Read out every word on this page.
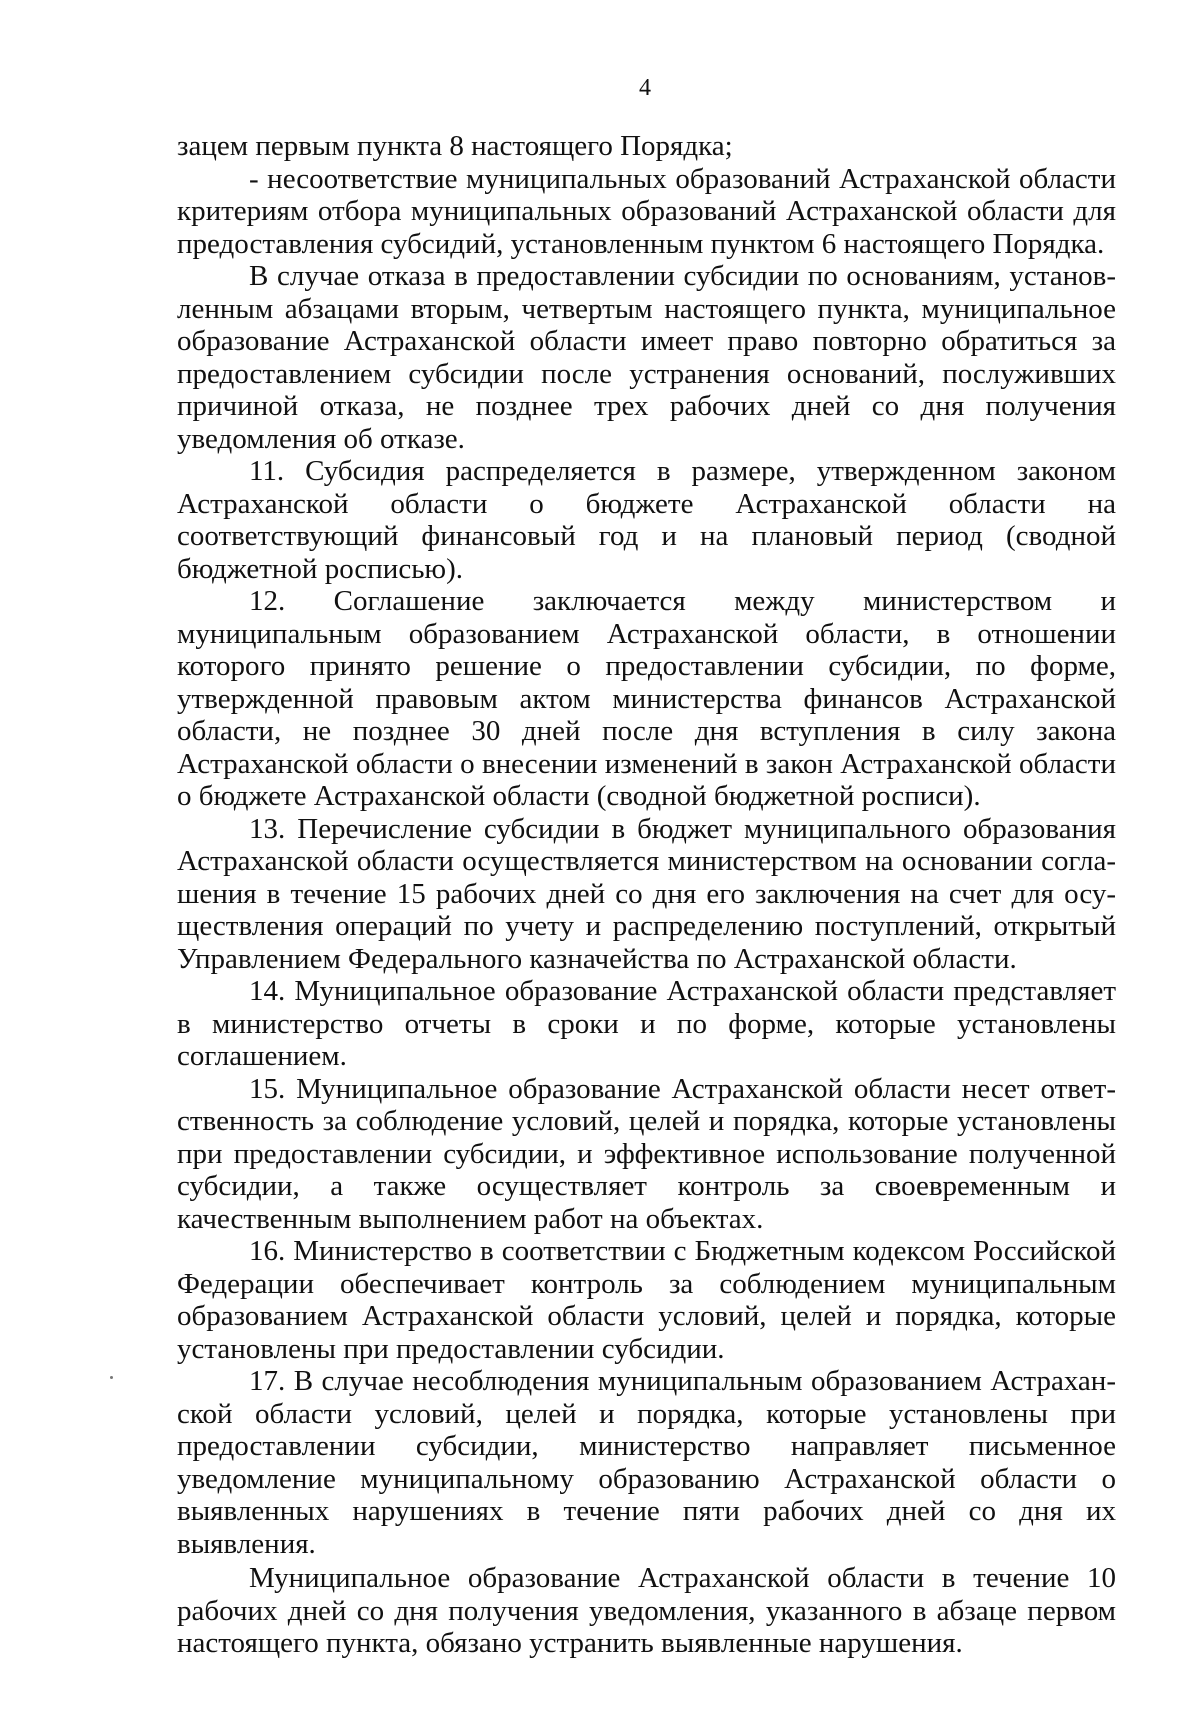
4

зацем первым пункта 8 настоящего Порядка;

- несоответствие муниципальных образований Астраханской области критериям отбора муниципальных образований Астраханской области для предоставления субсидий, установленным пунктом 6 настоящего Порядка.

В случае отказа в предоставлении субсидии по основаниям, установленным абзацами вторым, четвертым настоящего пункта, муниципальное образование Астраханской области имеет право повторно обратиться за предоставлением субсидии после устранения оснований, послуживших причиной отказа, не позднее трех рабочих дней со дня получения уведомления об отказе.

11. Субсидия распределяется в размере, утвержденном законом Астраханской области о бюджете Астраханской области на соответствующий финансовый год и на плановый период (сводной бюджетной росписью).

12. Соглашение заключается между министерством и муниципальным образованием Астраханской области, в отношении которого принято решение о предоставлении субсидии, по форме, утвержденной правовым актом министерства финансов Астраханской области, не позднее 30 дней после дня вступления в силу закона Астраханской области о внесении изменений в закон Астраханской области о бюджете Астраханской области (сводной бюджетной росписи).

13. Перечисление субсидии в бюджет муниципального образования Астраханской области осуществляется министерством на основании соглашения в течение 15 рабочих дней со дня его заключения на счет для осуществления операций по учету и распределению поступлений, открытый Управлением Федерального казначейства по Астраханской области.

14. Муниципальное образование Астраханской области представляет в министерство отчеты в сроки и по форме, которые установлены соглашением.

15. Муниципальное образование Астраханской области несет ответственность за соблюдение условий, целей и порядка, которые установлены при предоставлении субсидии, и эффективное использование полученной субсидии, а также осуществляет контроль за своевременным и качественным выполнением работ на объектах.

16. Министерство в соответствии с Бюджетным кодексом Российской Федерации обеспечивает контроль за соблюдением муниципальным образованием Астраханской области условий, целей и порядка, которые установлены при предоставлении субсидии.

17. В случае несоблюдения муниципальным образованием Астраханской области условий, целей и порядка, которые установлены при предоставлении субсидии, министерство направляет письменное уведомление муниципальному образованию Астраханской области о выявленных нарушениях в течение пяти рабочих дней со дня их выявления.

Муниципальное образование Астраханской области в течение 10 рабочих дней со дня получения уведомления, указанного в абзаце первом настоящего пункта, обязано устранить выявленные нарушения.
